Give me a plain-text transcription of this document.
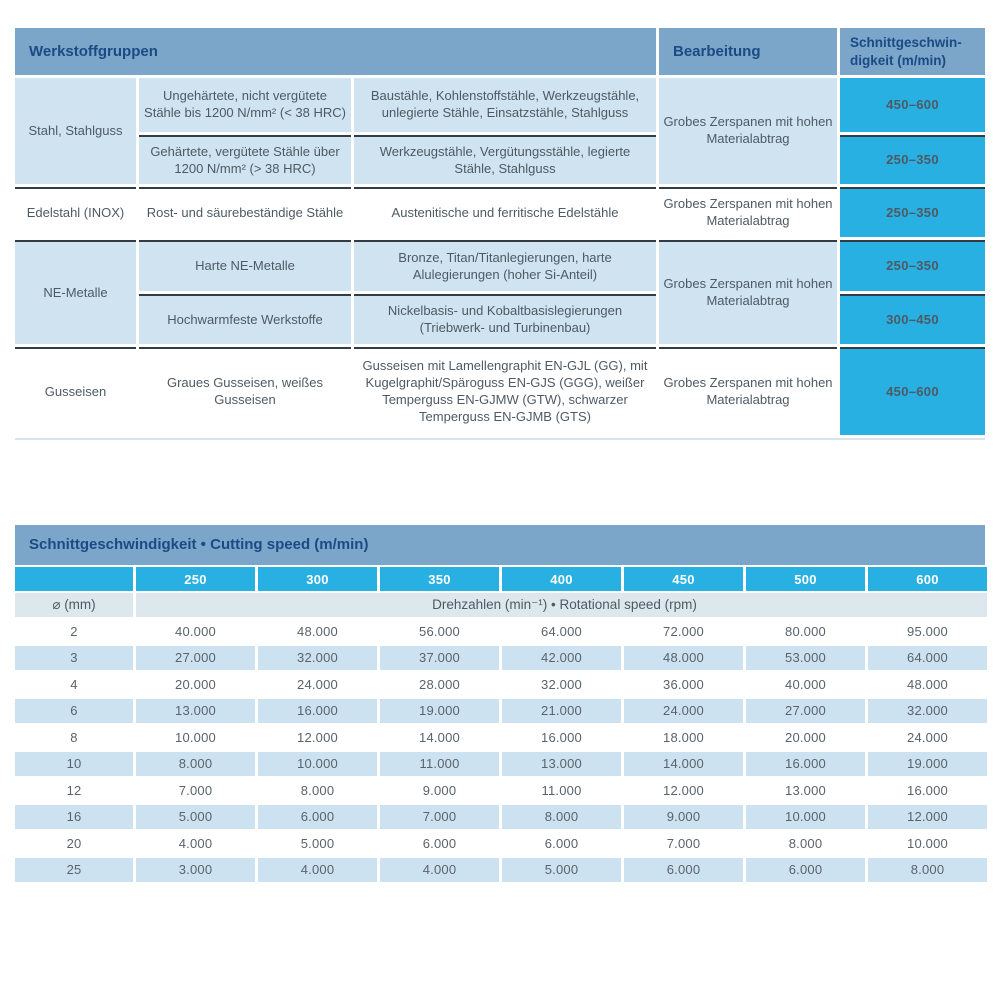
Werkstoffgruppen			Bearbeitung	Schnittgeschwin-digkeit (m/min)
Stahl, Stahlguss	Ungehärtete, nicht vergütete Stähle bis 1200 N/mm² (< 38 HRC)	Baustähle, Kohlenstoffstähle, Werkzeugstähle, unlegierte Stähle, Einsatzstähle, Stahlguss	Grobes Zerspanen mit hohen Materialabtrag	450–600
	Gehärtete, vergütete Stähle über 1200 N/mm² (> 38 HRC)	Werkzeugstähle, Vergütungsstähle, legierte Stähle, Stahlguss		250–350
Edelstahl (INOX)	Rost- und säurebeständige Stähle	Austenitische und ferritische Edelstähle	Grobes Zerspanen mit hohen Materialabtrag	250–350
NE-Metalle	Harte NE-Metalle	Bronze, Titan/Titanlegierungen, harte Alulegierungen (hoher Si-Anteil)	Grobes Zerspanen mit hohen Materialabtrag	250–350
	Hochwarmfeste Werkstoffe	Nickelbasis- und Kobaltbasislegierungen (Triebwerk- und Turbinenbau)		300–450
Gusseisen	Graues Gusseisen, weißes Gusseisen	Gusseisen mit Lamellengraphit EN-GJL (GG), mit Kugelgraphit/Späroguss EN-GJS (GGG), weißer Temperguss EN-GJMW (GTW), schwarzer Temperguss EN-GJMB (GTS)	Grobes Zerspanen mit hohen Materialabtrag	450–600
Schnittgeschwindigkeit • Cutting speed (m/min)
	250	300	350	400	450	500	600
⌀ (mm)	Drehzahlen (min⁻¹) • Rotational speed (rpm)						
2	40.000	48.000	56.000	64.000	72.000	80.000	95.000
3	27.000	32.000	37.000	42.000	48.000	53.000	64.000
4	20.000	24.000	28.000	32.000	36.000	40.000	48.000
6	13.000	16.000	19.000	21.000	24.000	27.000	32.000
8	10.000	12.000	14.000	16.000	18.000	20.000	24.000
10	8.000	10.000	11.000	13.000	14.000	16.000	19.000
12	7.000	8.000	9.000	11.000	12.000	13.000	16.000
16	5.000	6.000	7.000	8.000	9.000	10.000	12.000
20	4.000	5.000	6.000	6.000	7.000	8.000	10.000
25	3.000	4.000	4.000	5.000	6.000	6.000	8.000
